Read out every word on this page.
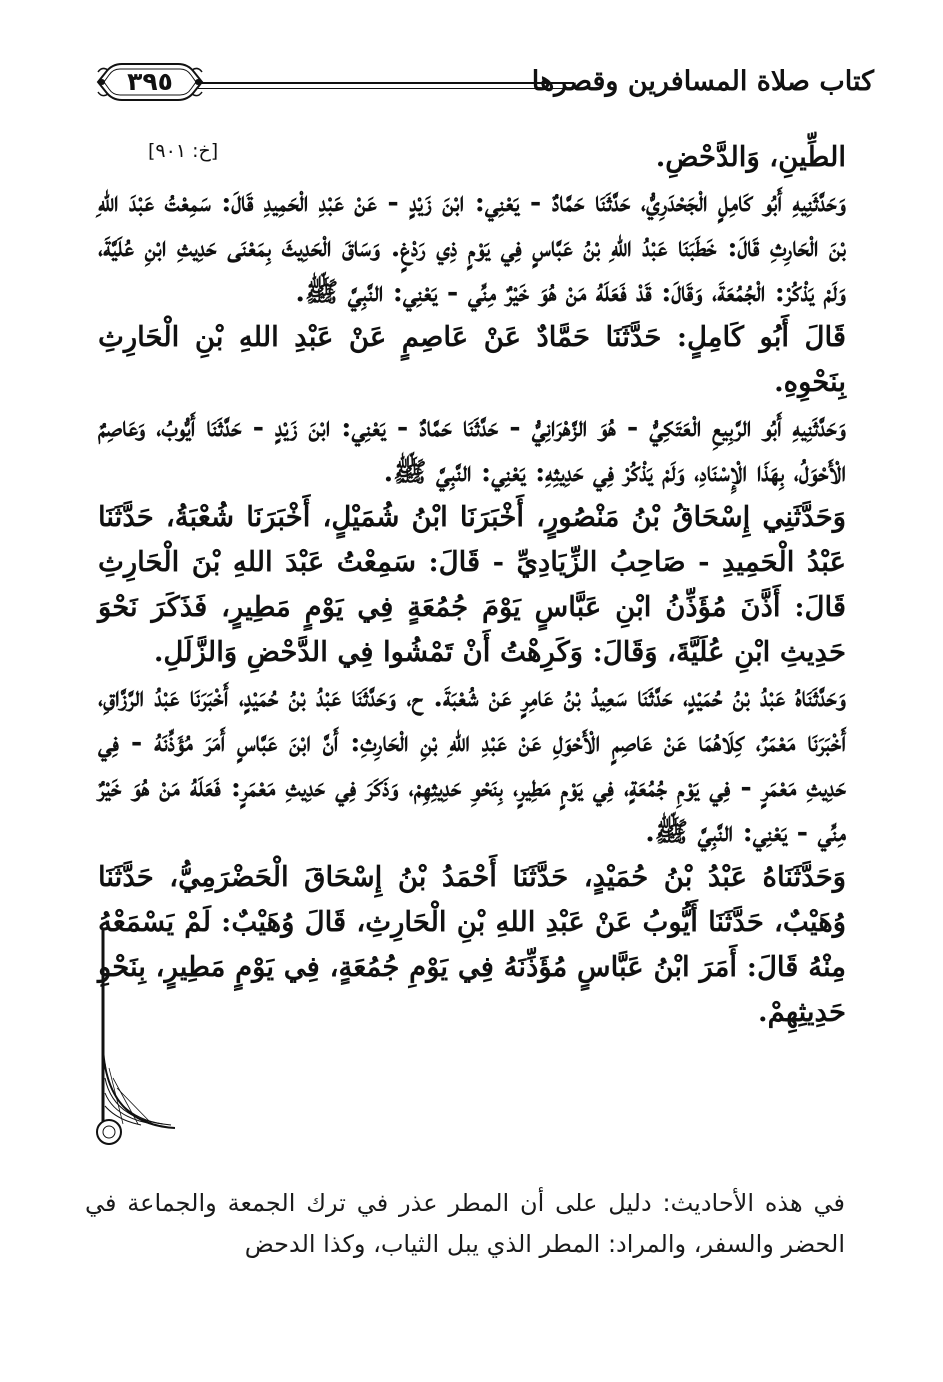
كتاب صلاة المسافرين وقصرها
٣٩٥
[خ: ٩٠١]	الطِّينِ، وَالدَّحْضِ.

وَحَدَّثَنِيهِ أَبُو كَامِلٍ الْجَحْدَرِيُّ، حَدَّثَنَا حَمَّادٌ - يَعْنِي: ابْنَ زَيْدٍ - عَنْ عَبْدِ الْحَمِيدِ قَالَ: سَمِعْتُ عَبْدَ اللهِ بْنَ الْحَارِثِ قَالَ: خَطَبَنَا عَبْدُ اللهِ بْنُ عَبَّاسٍ فِي يَوْمٍ ذِي رَدْغٍ. وَسَاقَ الْحَدِيثَ بِمَعْنَى حَدِيثِ ابْنِ عُلَيَّةَ، وَلَمْ يَذْكُرْ: الْجُمُعَةَ، وَقَالَ: قَدْ فَعَلَهُ مَنْ هُوَ خَيْرٌ مِنِّي - يَعْنِي: النَّبِيَّ ﷺ.

قَالَ أَبُو كَامِلٍ: حَدَّثَنَا حَمَّادٌ عَنْ عَاصِمٍ عَنْ عَبْدِ اللهِ بْنِ الْحَارِثِ بِنَحْوِهِ.

وَحَدَّثَنِيهِ أَبُو الرَّبِيعِ الْعَتَكِيُّ - هُوَ الزَّهْرَانِيُّ - حَدَّثَنَا حَمَّادٌ - يَعْنِي: ابْنَ زَيْدٍ - حَدَّثَنَا أَيُّوبُ، وَعَاصِمٌ الْأَحْوَلُ، بِهَذَا الْإِسْنَادِ، وَلَمْ يَذْكُرْ فِي حَدِيثِهِ: يَعْنِي: النَّبِيَّ ﷺ.

وَحَدَّثَنِي إِسْحَاقُ بْنُ مَنْصُورٍ، أَخْبَرَنَا ابْنُ شُمَيْلٍ، أَخْبَرَنَا شُعْبَةُ، حَدَّثَنَا عَبْدُ الْحَمِيدِ - صَاحِبُ الزِّيَادِيِّ - قَالَ: سَمِعْتُ عَبْدَ اللهِ بْنَ الْحَارِثِ قَالَ: أَذَّنَ مُؤَذِّنُ ابْنِ عَبَّاسٍ يَوْمَ جُمُعَةٍ فِي يَوْمٍ مَطِيرٍ، فَذَكَرَ نَحْوَ حَدِيثِ ابْنِ عُلَيَّةَ، وَقَالَ: وَكَرِهْتُ أَنْ تَمْشُوا فِي الدَّحْضِ وَالزَّلَلِ.

وَحَدَّثَنَاهُ عَبْدُ بْنُ حُمَيْدٍ، حَدَّثَنَا سَعِيدُ بْنُ عَامِرٍ عَنْ شُعْبَةَ. ح، وَحَدَّثَنَا عَبْدُ بْنُ حُمَيْدٍ، أَخْبَرَنَا عَبْدُ الرَّزَّاقِ، أَخْبَرَنَا مَعْمَرٌ، كِلَاهُمَا عَنْ عَاصِمٍ الْأَحْوَلِ عَنْ عَبْدِ اللهِ بْنِ الْحَارِثِ: أَنَّ ابْنَ عَبَّاسٍ أَمَرَ مُؤَذِّنَهُ - فِي حَدِيثِ مَعْمَرٍ - فِي يَوْمِ جُمُعَةٍ، فِي يَوْمٍ مَطِيرٍ، بِنَحْوِ حَدِيثِهِمْ، وَذَكَرَ فِي حَدِيثِ مَعْمَرٍ: فَعَلَهُ مَنْ هُوَ خَيْرٌ مِنِّي - يَعْنِي: النَّبِيَّ ﷺ.

وَحَدَّثَنَاهُ عَبْدُ بْنُ حُمَيْدٍ، حَدَّثَنَا أَحْمَدُ بْنُ إِسْحَاقَ الْحَضْرَمِيُّ، حَدَّثَنَا وُهَيْبٌ، حَدَّثَنَا أَيُّوبُ عَنْ عَبْدِ اللهِ بْنِ الْحَارِثِ، قَالَ وُهَيْبٌ: لَمْ يَسْمَعْهُ مِنْهُ قَالَ: أَمَرَ ابْنُ عَبَّاسٍ مُؤَذِّنَهُ فِي يَوْمِ جُمُعَةٍ، فِي يَوْمٍ مَطِيرٍ، بِنَحْوِ حَدِيثِهِمْ.

في هذه الأحاديث: دليل على أن المطر عذر في ترك الجمعة والجماعة في الحضر والسفر، والمراد: المطر الذي يبل الثياب، وكذا الدحض
